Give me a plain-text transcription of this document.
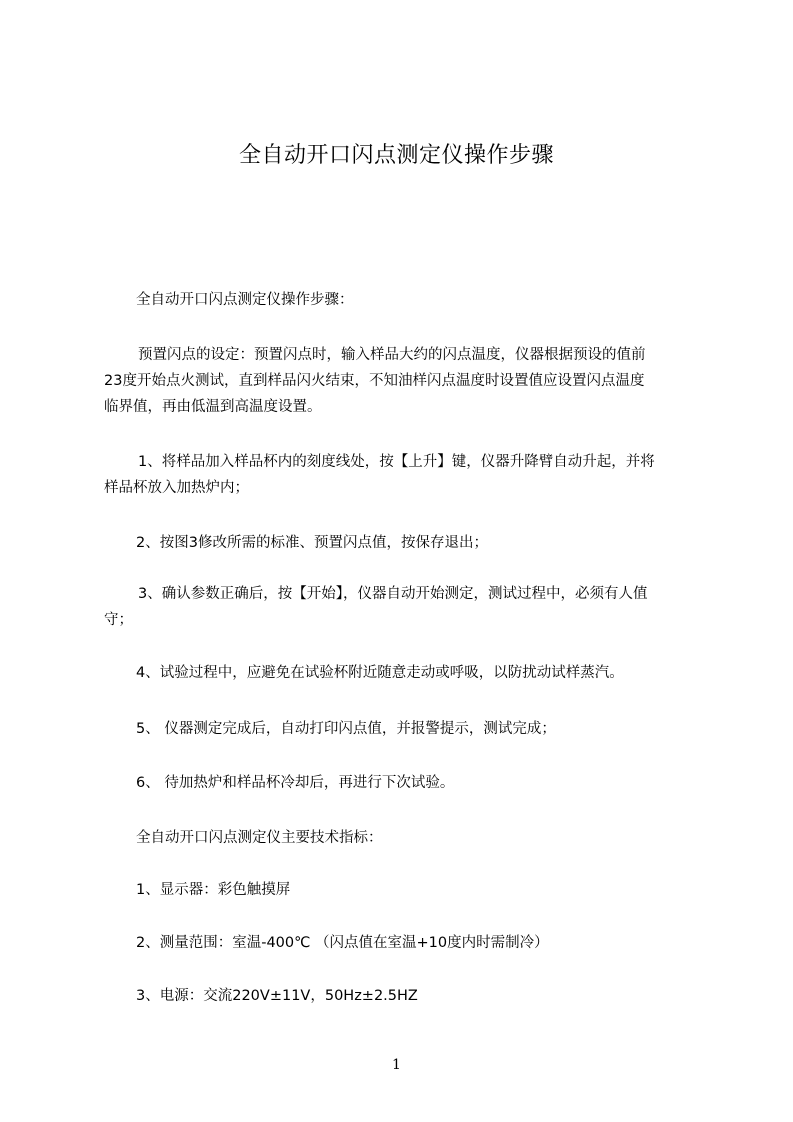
全自动开口闪点测定仪操作步骤
全自动开口闪点测定仪操作步骤：
预置闪点的设定：预置闪点时，输入样品大约的闪点温度，仪器根据预设的值前
23度开始点火测试，直到样品闪火结束，不知油样闪点温度时设置值应设置闪点温度
临界值，再由低温到高温度设置。
1、将样品加入样品杯内的刻度线处，按【上升】键，仪器升降臂自动升起，并将
样品杯放入加热炉内；
2、按图3修改所需的标准、预置闪点值，按保存退出；
3、确认参数正确后，按【开始】，仪器自动开始测定，测试过程中，必须有人值
守；
4、试验过程中，应避免在试验杯附近随意走动或呼吸，以防扰动试样蒸汽。
5、 仪器测定完成后，自动打印闪点值，并报警提示，测试完成；
6、 待加热炉和样品杯冷却后，再进行下次试验。
全自动开口闪点测定仪主要技术指标：
1、显示器：彩色触摸屏
2、测量范围：室温-400℃ （闪点值在室温+10度内时需制冷）
3、电源：交流220V±11V，50Hz±2.5HZ
1
